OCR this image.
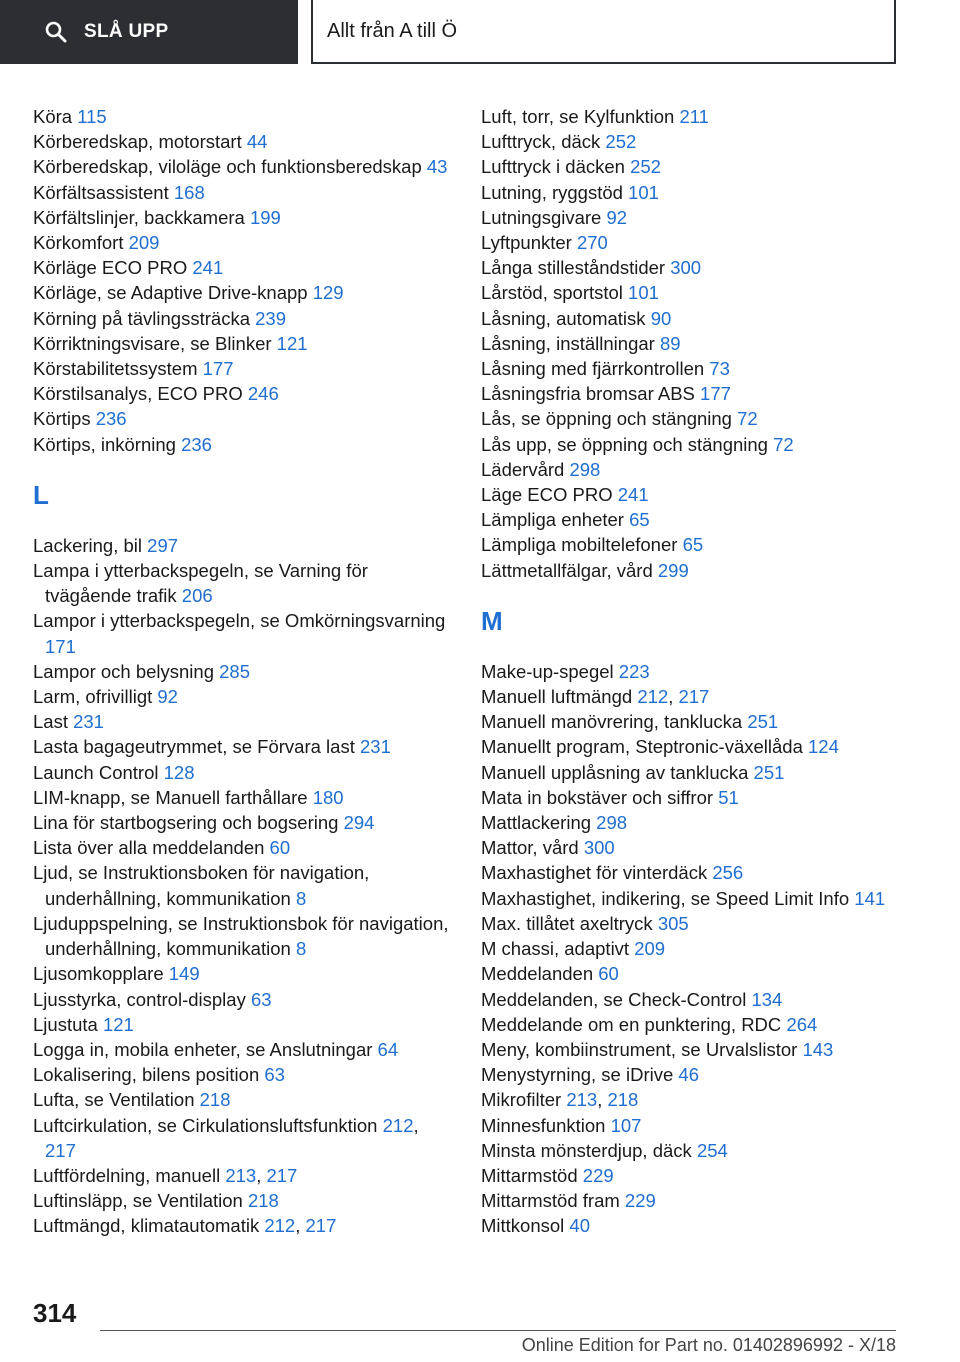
SLÅ UPP	Allt från A till Ö
Köra 115
Körberedskap, motorstart 44
Körberedskap, viloläge och funktionsberedskap 43
Körfältsassistent 168
Körfältslinjer, backkamera 199
Körkomfort 209
Körläge ECO PRO 241
Körläge, se Adaptive Drive-knapp 129
Körning på tävlingssträcka 239
Körriktningsvisare, se Blinker 121
Körstabilitetssystem 177
Körstilsanalys, ECO PRO 246
Körtips 236
Körtips, inkörning 236
L
Lackering, bil 297
Lampa i ytterbackspegeln, se Varning för tvägående trafik 206
Lampor i ytterbackspegeln, se Omkörningsvarning 171
Lampor och belysning 285
Larm, ofrivilligt 92
Last 231
Lasta bagageutrymmet, se Förvara last 231
Launch Control 128
LIM-knapp, se Manuell farthållare 180
Lina för startbogsering och bogsering 294
Lista över alla meddelanden 60
Ljud, se Instruktionsboken för navigation, underhållning, kommunikation 8
Ljuduppspelning, se Instruktionsbok för navigation, underhållning, kommunikation 8
Ljusomkopplare 149
Ljusstyrka, control-display 63
Ljustuta 121
Logga in, mobila enheter, se Anslutningar 64
Lokalisering, bilens position 63
Lufta, se Ventilation 218
Luftcirkulation, se Cirkulationsluftsfunktion 212, 217
Luftfördelning, manuell 213, 217
Luftinsläpp, se Ventilation 218
Luftmängd, klimatautomatik 212, 217
Luft, torr, se Kylfunktion 211
Lufttryck, däck 252
Lufttryck i däcken 252
Lutning, ryggstöd 101
Lutningsgivare 92
Lyftpunkter 270
Långa stilleståndstider 300
Lårstöd, sportstol 101
Låsning, automatisk 90
Låsning, inställningar 89
Låsning med fjärrkontrollen 73
Låsningsfria bromsar ABS 177
Lås, se öppning och stängning 72
Lås upp, se öppning och stängning 72
Lädervård 298
Läge ECO PRO 241
Lämpliga enheter 65
Lämpliga mobiltelefoner 65
Lättmetallfälgar, vård 299
M
Make-up-spegel 223
Manuell luftmängd 212, 217
Manuell manövrering, tanklucka 251
Manuellt program, Steptronic-växellåda 124
Manuell upplåsning av tanklucka 251
Mata in bokstäver och siffror 51
Mattlackering 298
Mattor, vård 300
Maxhastighet för vinterdäck 256
Maxhastighet, indikering, se Speed Limit Info 141
Max. tillåtet axeltryck 305
M chassi, adaptivt 209
Meddelanden 60
Meddelanden, se Check-Control 134
Meddelande om en punktering, RDC 264
Meny, kombiinstrument, se Urvalslistor 143
Menystyrning, se iDrive 46
Mikrofilter 213, 218
Minnesfunktion 107
Minsta mönsterdjup, däck 254
Mittarmstöd 229
Mittarmstöd fram 229
Mittkonsol 40
314
Online Edition for Part no. 01402896992 - X/18
